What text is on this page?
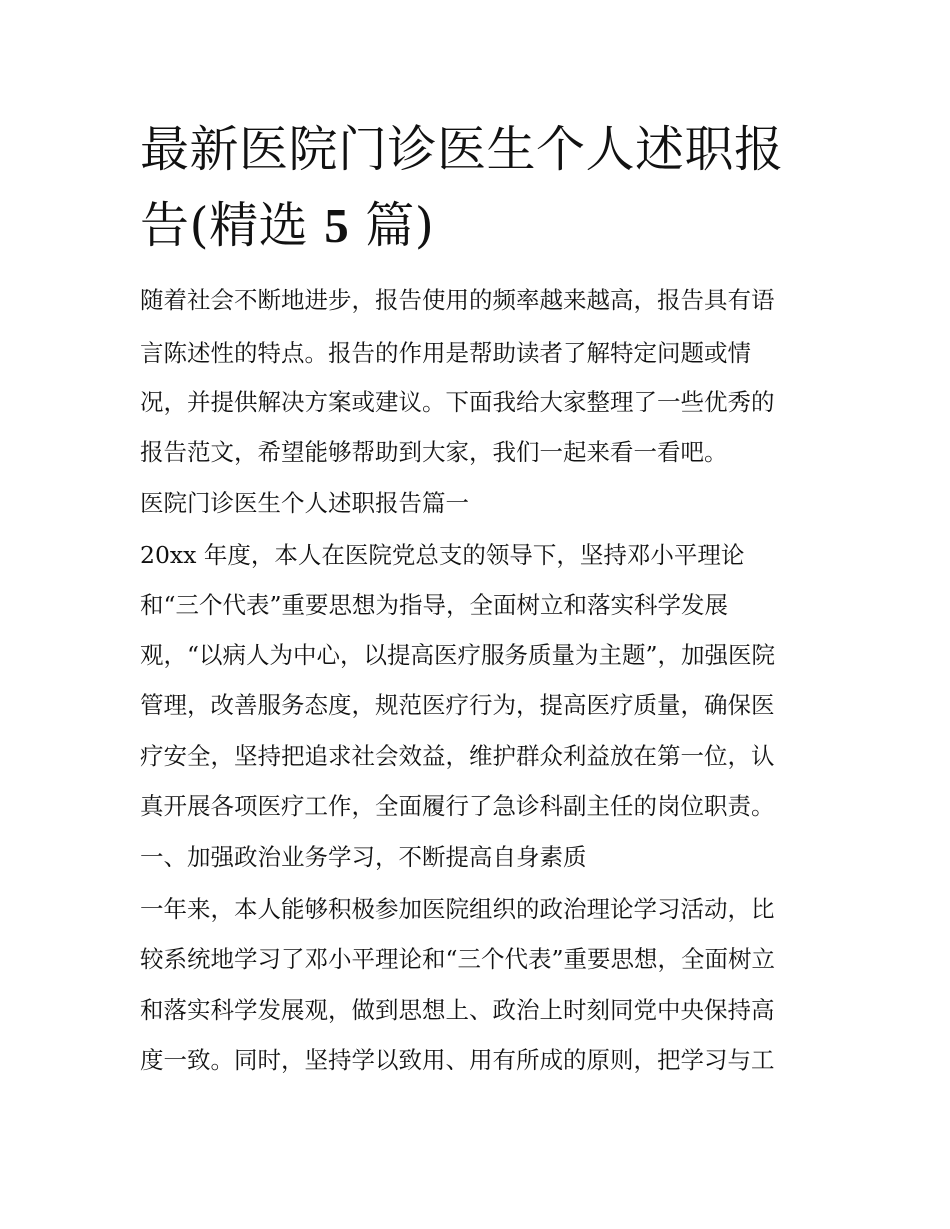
最新医院门诊医生个人述职报
告(精选 5 篇)

随着社会不断地进步，报告使用的频率越来越高，报告具有语

言陈述性的特点。报告的作用是帮助读者了解特定问题或情

况，并提供解决方案或建议。下面我给大家整理了一些优秀的

报告范文，希望能够帮助到大家，我们一起来看一看吧。

医院门诊医生个人述职报告篇一

20xx 年度，本人在医院党总支的领导下，坚持邓小平理论

和“三个代表”重要思想为指导，全面树立和落实科学发展

观，“以病人为中心，以提高医疗服务质量为主题”，加强医院

管理，改善服务态度，规范医疗行为，提高医疗质量，确保医

疗安全，坚持把追求社会效益，维护群众利益放在第一位，认

真开展各项医疗工作，全面履行了急诊科副主任的岗位职责。

一、加强政治业务学习，不断提高自身素质

一年来，本人能够积极参加医院组织的政治理论学习活动，比

较系统地学习了邓小平理论和“三个代表”重要思想，全面树立

和落实科学发展观，做到思想上、政治上时刻同党中央保持高

度一致。同时，坚持学以致用、用有所成的原则，把学习与工
